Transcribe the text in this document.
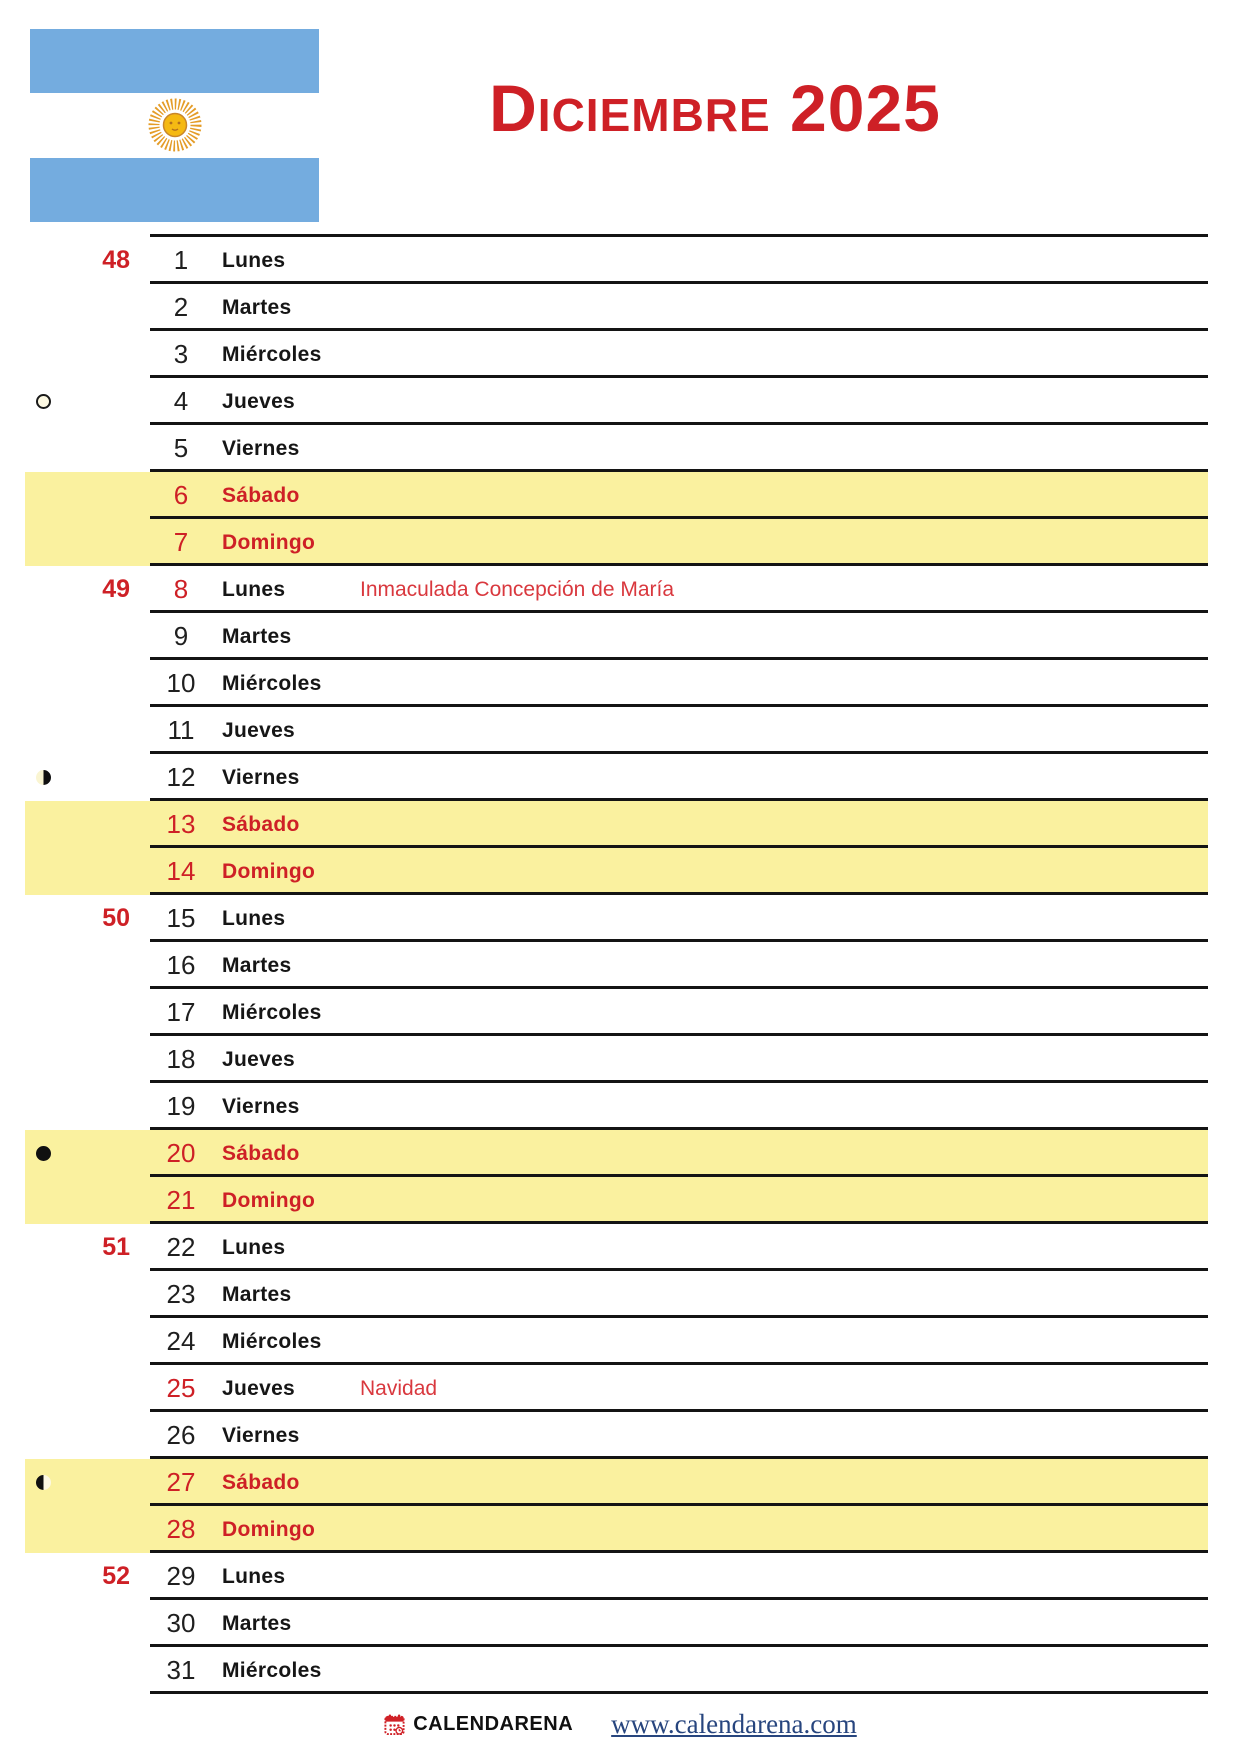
Diciembre 2025
48	1	Lunes
2	Martes
3	Miércoles
4	Jueves
5	Viernes
6	Sábado
7	Domingo
49	8	Lunes	Inmaculada Concepción de María
9	Martes
10	Miércoles
11	Jueves
12	Viernes
13	Sábado
14	Domingo
50	15	Lunes
16	Martes
17	Miércoles
18	Jueves
19	Viernes
20	Sábado
21	Domingo
51	22	Lunes
23	Martes
24	Miércoles
25	Jueves	Navidad
26	Viernes
27	Sábado
28	Domingo
52	29	Lunes
30	Martes
31	Miércoles
CALENDARENA www.calendarena.com
